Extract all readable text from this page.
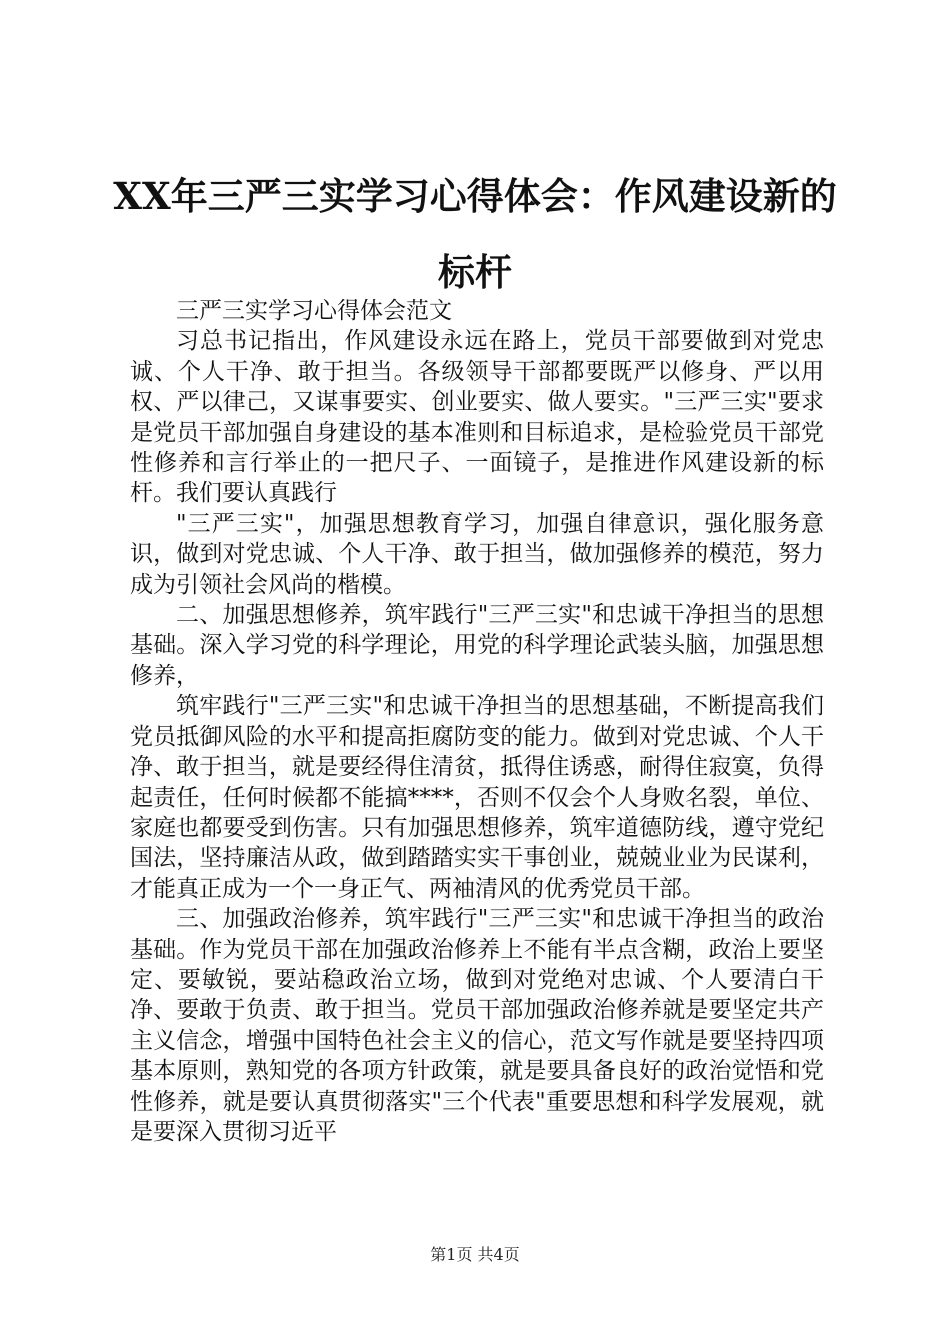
XX年三严三实学习心得体会：作风建设新的标杆

三严三实学习心得体会范文

习总书记指出，作风建设永远在路上，党员干部要做到对党忠诚、个人干净、敢于担当。各级领导干部都要既严以修身、严以用权、严以律己，又谋事要实、创业要实、做人要实。"三严三实"要求是党员干部加强自身建设的基本准则和目标追求，是检验党员干部党性修养和言行举止的一把尺子、一面镜子，是推进作风建设新的标杆。我们要认真践行

"三严三实"，加强思想教育学习，加强自律意识，强化服务意识，做到对党忠诚、个人干净、敢于担当，做加强修养的模范，努力成为引领社会风尚的楷模。

二、加强思想修养，筑牢践行"三严三实"和忠诚干净担当的思想基础。深入学习党的科学理论，用党的科学理论武装头脑，加强思想修养，

筑牢践行"三严三实"和忠诚干净担当的思想基础，不断提高我们党员抵御风险的水平和提高拒腐防变的能力。做到对党忠诚、个人干净、敢于担当，就是要经得住清贫，抵得住诱惑，耐得住寂寞，负得起责任，任何时候都不能搞****，否则不仅会个人身败名裂，单位、家庭也都要受到伤害。只有加强思想修养，筑牢道德防线，遵守党纪国法，坚持廉洁从政，做到踏踏实实干事创业，兢兢业业为民谋利，才能真正成为一个一身正气、两袖清风的优秀党员干部。

三、加强政治修养，筑牢践行"三严三实"和忠诚干净担当的政治基础。作为党员干部在加强政治修养上不能有半点含糊，政治上要坚定、要敏锐，要站稳政治立场，做到对党绝对忠诚、个人要清白干净、要敢于负责、敢于担当。党员干部加强政治修养就是要坚定共产主义信念，增强中国特色社会主义的信心，范文写作就是要坚持四项基本原则，熟知党的各项方针政策，就是要具备良好的政治觉悟和党性修养，就是要认真贯彻落实"三个代表"重要思想和科学发展观，就是要深入贯彻习近平

第1页 共4页
